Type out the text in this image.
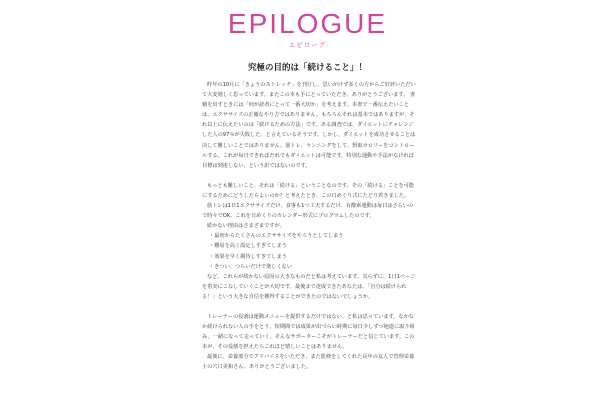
EPILOGUE
エピローグ
究極の目的は「続けること」！

昨年の10月に「きょうのストレッチ」を刊行し、思いがけず多くの方からご好評いただいて大変嬉しく思っています。またこの本も手にとっていただき、ありがとうございます。 書籍を出すときには「何が読者にとって一番大切か」を考えます。本書で一番伝えたいことは、エクササイズの正確なやり方ではありません。もちろんそれは基本ではありますが、それ以上に伝えたいのは「続けるための方法」です。ある調査では、ダイエットにチャレンジした人の97％が失敗した、と言えているそうです。しかし、ダイエットを成功させることは決して難しいことではありません。筋トレ、ランニングをして、摂取カロリーをコントロールする。これが毎日できればだれでもダイエットは可能です。特別な運動や手法がなければ目標は到達しない、という訳ではないのです。

もっとも難しいこと、それは「続ける」ということなのです。その「続ける」ことを可能にするためにどうしたらよいのか？と考えたとき、この日めくり式にたどり着きました。

筋トレは1日1エクササイズだけ、食事も1つ工夫するだけ、有酸素運動は毎日はさらいので時々でOK。これを日めくりのカレンダー形式にプログラムしたのです。

続かない理由はさまざまですが、

・最初からたくさんのエクササイズをやろうとしてしまう
・難易を高く設定しすぎてしまう
・効果を早く期待しすぎてしまう
・きつい、つらいだけで楽しくない

など、これらが続かない原因の大きなものだと私は考えています。気らずに、1日1ページを着実にこなしていくことが大切です。最後まで達成できたあなたは、「自分は続けられる！」という大きな自信を獲得することができたのではないでしょうか。

トレーナーの役割は運動メニューを提供するだけではない、と私は思っています。なかなか続けられない人の手をとり、短期間では成果が出づらい時期に毎日少しずつ地道に取り組み、一緒になって走っていく。そんなサポーターこそがトレーナーだと信じています。この本が、その役割を担えたらこれほど嬉しいことはありません。

最後に、栄養部分でアドバイスをいただき、また監修をしてくれた長年の友人で管理栄養士の穴口美和さん、ありがとうございました。
